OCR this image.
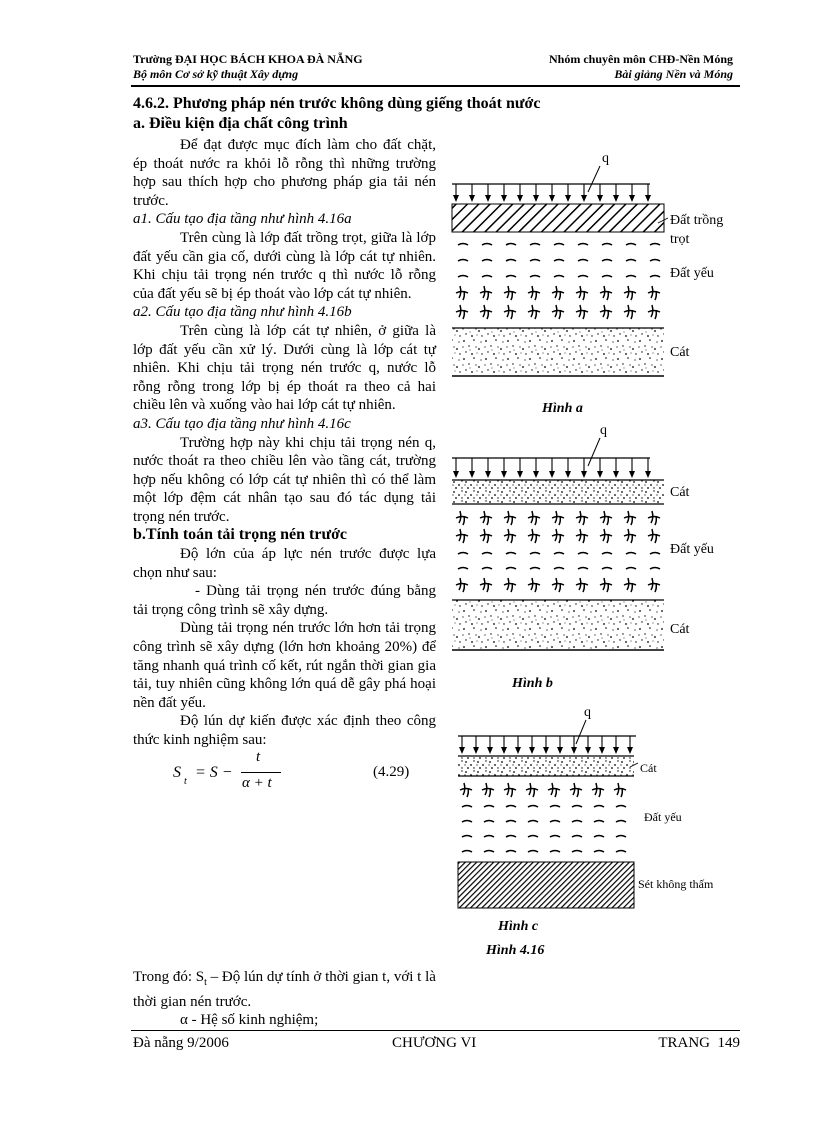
Trường ĐẠI HỌC BÁCH KHOA ĐÀ NẴNG
Bộ môn Cơ sở kỹ thuật Xây dựng
Nhóm chuyên môn CHĐ-Nền Móng
Bài giảng Nền và Móng
4.6.2. Phương pháp nén trước không dùng giếng thoát nước
a. Điều kiện địa chất công trình

Để đạt được mục đích làm cho đất chặt, ép thoát nước ra khỏi lỗ rỗng thì những trường hợp sau thích hợp cho phương pháp gia tải nén trước.

a1. Cấu tạo địa tầng như hình 4.16a

Trên cùng là lớp đất trồng trọt, giữa là lớp đất yếu cần gia cố, dưới cùng là lớp cát tự nhiên. Khi chịu tải trọng nén trước q thì nước lỗ rỗng của đất yếu sẽ bị ép thoát vào lớp cát tự nhiên.

a2. Cấu tạo địa tầng như hình 4.16b

Trên cùng là lớp cát tự nhiên, ở giữa là lớp đất yếu cần xử lý. Dưới cùng là lớp cát tự nhiên. Khi chịu tải trọng nén trước q, nước lỗ rỗng rỗng trong lớp bị ép thoát ra theo cả hai chiều lên và xuống vào hai lớp cát tự nhiên.

a3. Cấu tạo địa tầng như hình 4.16c

Trường hợp này khi chịu tải trọng nén q, nước thoát ra theo chiều lên vào tầng cát, trường hợp nếu không có lớp cát tự nhiên thì có thể làm một lớp đệm cát nhân tạo sau đó tác dụng tải trọng nén trước.

b.Tính toán tải trọng nén trước

Độ lớn của áp lực nén trước được lựa chọn như sau:

- Dùng tải trọng nén trước đúng bằng tải trọng công trình sẽ xây dựng.

Dùng tải trọng nén trước lớn hơn tải trọng công trình sẽ xây dựng (lớn hơn khoảng 20%) để tăng nhanh quá trình cố kết, rút ngắn thời gian gia tải, tuy nhiên cũng không lớn quá dễ gây phá hoại nền đất yếu.

Độ lún dự kiến được xác định theo công thức kinh nghiệm sau:

S
t
= S −
t
α + t
(4.29)

Trong đó: $S_t$ – Độ lún dự tính ở thời gian t, với t là thời gian nén trước.

α - Hệ số kinh nghiệm;

q
Đất trồng
trọt
Đất yếu
Cát
Hình a
q
Cát
Đất yếu
Cát
Hình b
q
Cát
Đất yếu
Sét không thấm
Hình c
Hình 4.16
Đà nẵng 9/2006	CHƯƠNG VI	TRANG  149
